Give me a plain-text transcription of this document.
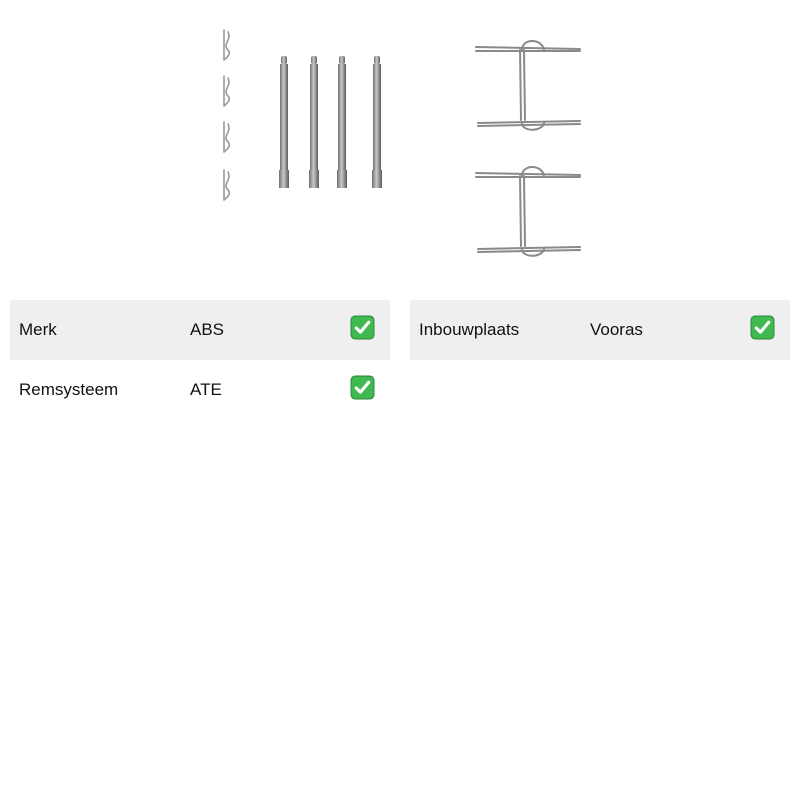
Merk	ABS
Remsysteem	ATE
Inbouwplaats	Vooras
